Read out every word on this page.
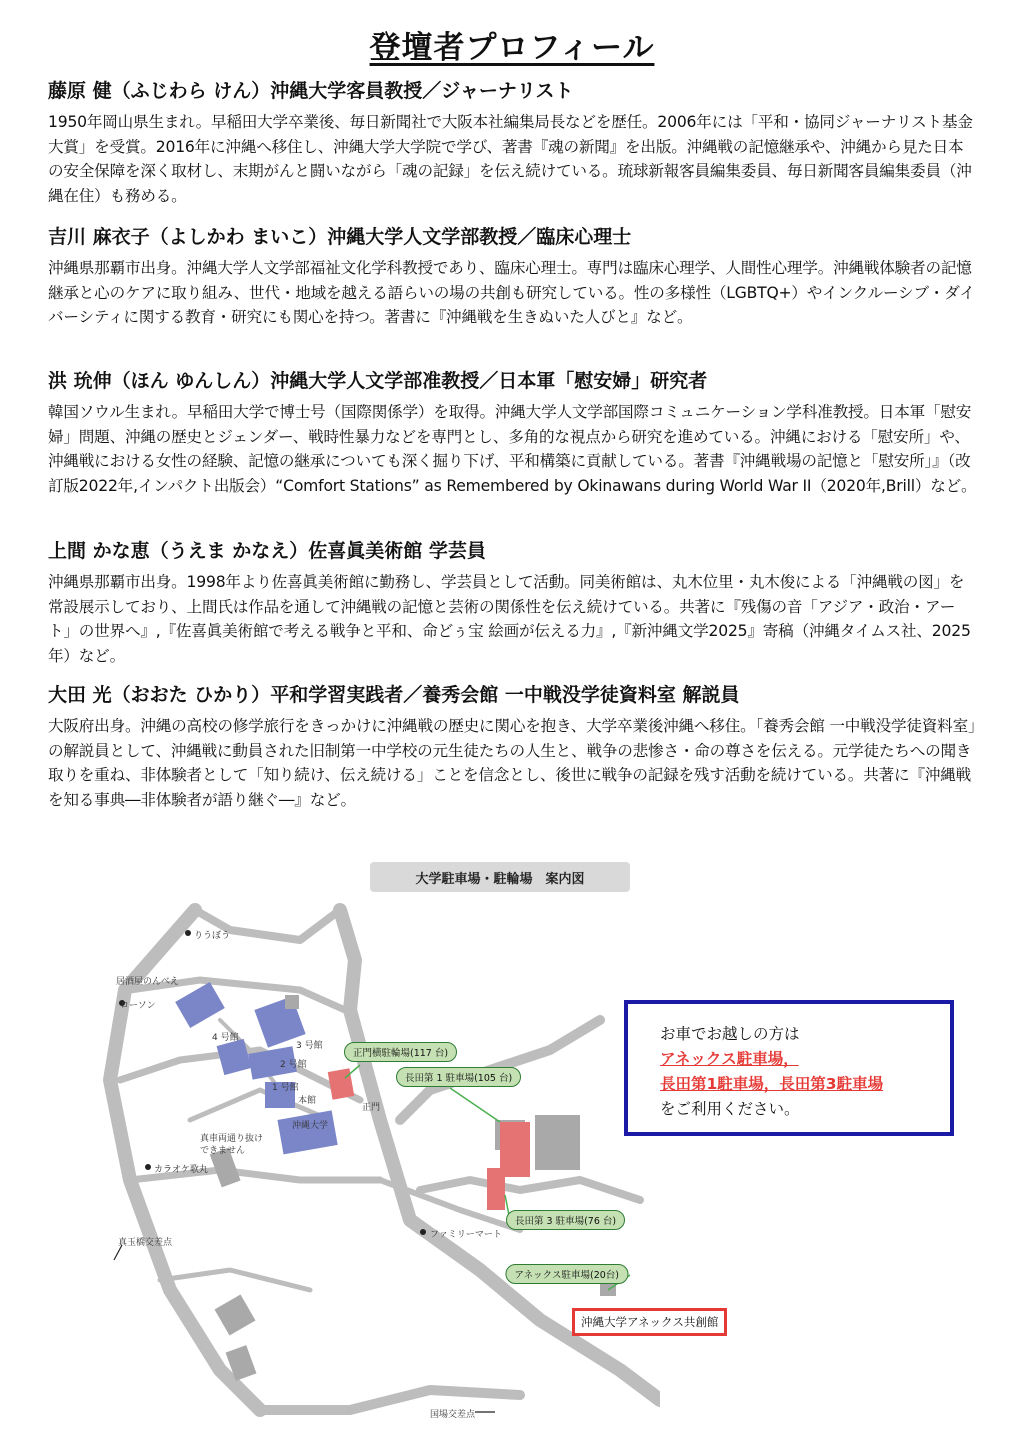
登壇者プロフィール
藤原 健（ふじわら けん）沖縄大学客員教授／ジャーナリスト
1950年岡山県生まれ。早稲田大学卒業後、毎日新聞社で大阪本社編集局長などを歴任。2006年には「平和・協同ジャーナリスト基金大賞」を受賞。2016年に沖縄へ移住し、沖縄大学大学院で学び、著書『魂の新聞』を出版。沖縄戦の記憶継承や、沖縄から見た日本の安全保障を深く取材し、末期がんと闘いながら「魂の記録」を伝え続けている。琉球新報客員編集委員、毎日新聞客員編集委員（沖縄在住）も務める。
吉川 麻衣子（よしかわ まいこ）沖縄大学人文学部教授／臨床心理士
沖縄県那覇市出身。沖縄大学人文学部福祉文化学科教授であり、臨床心理士。専門は臨床心理学、人間性心理学。沖縄戦体験者の記憶継承と心のケアに取り組み、世代・地域を越える語らいの場の共創も研究している。性の多様性（LGBTQ+）やインクルーシブ・ダイバーシティに関する教育・研究にも関心を持つ。著書に『沖縄戦を生きぬいた人びと』など。
洪 玧伸（ほん ゆんしん）沖縄大学人文学部准教授／日本軍「慰安婦」研究者
韓国ソウル生まれ。早稲田大学で博士号（国際関係学）を取得。沖縄大学人文学部国際コミュニケーション学科准教授。日本軍「慰安婦」問題、沖縄の歴史とジェンダー、戦時性暴力などを専門とし、多角的な視点から研究を進めている。沖縄における「慰安所」や、沖縄戦における女性の経験、記憶の継承についても深く掘り下げ、平和構築に貢献している。著書『沖縄戦場の記憶と「慰安所」』（改訂版2022年,インパクト出版会）“Comfort Stations” as Remembered by Okinawans during World War II（2020年,Brill）など。
上間 かな恵（うえま かなえ）佐喜眞美術館 学芸員
沖縄県那覇市出身。1998年より佐喜眞美術館に勤務し、学芸員として活動。同美術館は、丸木位里・丸木俊による「沖縄戦の図」を常設展示しており、上間氏は作品を通して沖縄戦の記憶と芸術の関係性を伝え続けている。共著に『残傷の音「アジア・政治・アート」の世界へ』,『佐喜眞美術館で考える戦争と平和、命どぅ宝 絵画が伝える力』,『新沖縄文学2025』寄稿（沖縄タイムス社、2025年）など。
大田 光（おおた ひかり）平和学習実践者／養秀会館 一中戦没学徒資料室 解説員
大阪府出身。沖縄の高校の修学旅行をきっかけに沖縄戦の歴史に関心を抱き、大学卒業後沖縄へ移住。「養秀会館 一中戦没学徒資料室」の解説員として、沖縄戦に動員された旧制第一中学校の元生徒たちの人生と、戦争の悲惨さ・命の尊さを伝える。元学徒たちへの聞き取りを重ね、非体験者として「知り続け、伝え続ける」ことを信念とし、後世に戦争の記録を残す活動を続けている。共著に『沖縄戦を知る事典―非体験者が語り継ぐ―』など。
大学駐車場・駐輪場　案内図
りうぼう
居酒屋のんべえ
ローソン
4 号館
3 号館
2 号館
1 号館
本館
沖縄大学
正門
真車両通り抜け
できません
カラオケ歌丸
真玉橋交差点
ファミリーマート
国場交差点
正門横駐輪場(117 台)
長田第 1 駐車場(105 台)
長田第 3 駐車場(76 台)
アネックス駐車場(20台)
沖縄大学アネックス共創館
お車でお越しの方は
アネックス駐車場，
長田第1駐車場，長田第3駐車場
をご利用ください。
